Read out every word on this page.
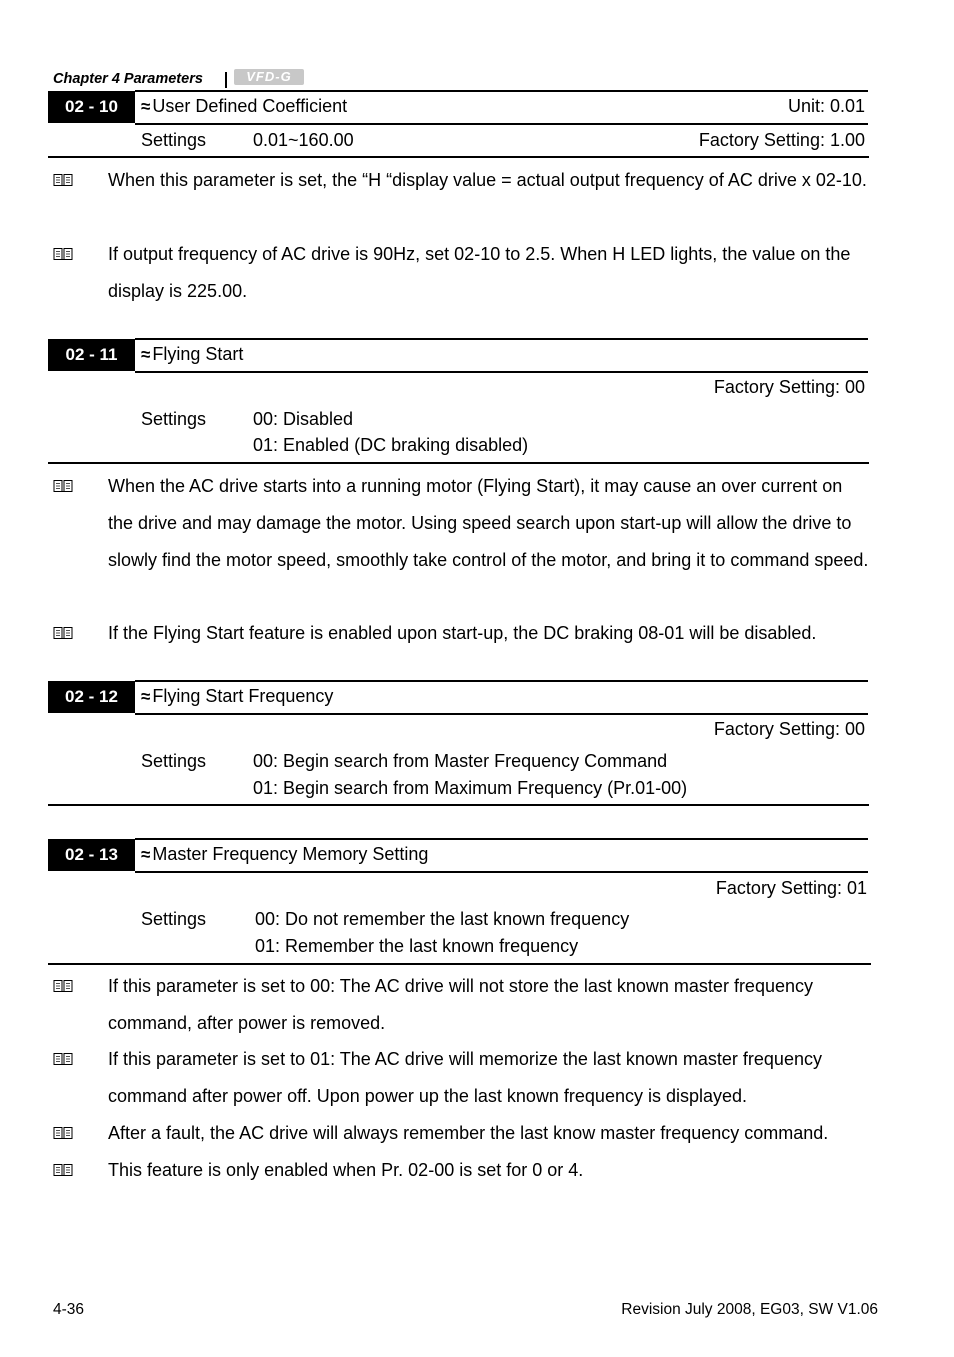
Chapter 4 Parameters	VFD-G
02 - 10	≈ User Defined Coefficient	Unit: 0.01
Settings	0.01~160.00	Factory Setting: 1.00
When this parameter is set, the “H “display value = actual output frequency of AC drive x 02-10.
If output frequency of AC drive is 90Hz, set 02-10 to 2.5. When H LED lights, the value on the display is 225.00.
02 - 11	≈ Flying Start
Factory Setting: 00
Settings	00: Disabled
01: Enabled (DC braking disabled)
When the AC drive starts into a running motor (Flying Start), it may cause an over current on the drive and may damage the motor. Using speed search upon start-up will allow the drive to slowly find the motor speed, smoothly take control of the motor, and bring it to command speed.
If the Flying Start feature is enabled upon start-up, the DC braking 08-01 will be disabled.
02 - 12	≈ Flying Start Frequency
Factory Setting: 00
Settings	00: Begin search from Master Frequency Command
01: Begin search from Maximum Frequency (Pr.01-00)
02 - 13	≈ Master Frequency Memory Setting
Factory Setting: 01
Settings	00: Do not remember the last known frequency
01: Remember the last known frequency
If this parameter is set to 00: The AC drive will not store the last known master frequency command, after power is removed.
If this parameter is set to 01: The AC drive will memorize the last known master frequency command after power off. Upon power up the last known frequency is displayed.
After a fault, the AC drive will always remember the last know master frequency command.
This feature is only enabled when Pr. 02-00 is set for 0 or 4.
4-36	Revision July 2008, EG03, SW V1.06
